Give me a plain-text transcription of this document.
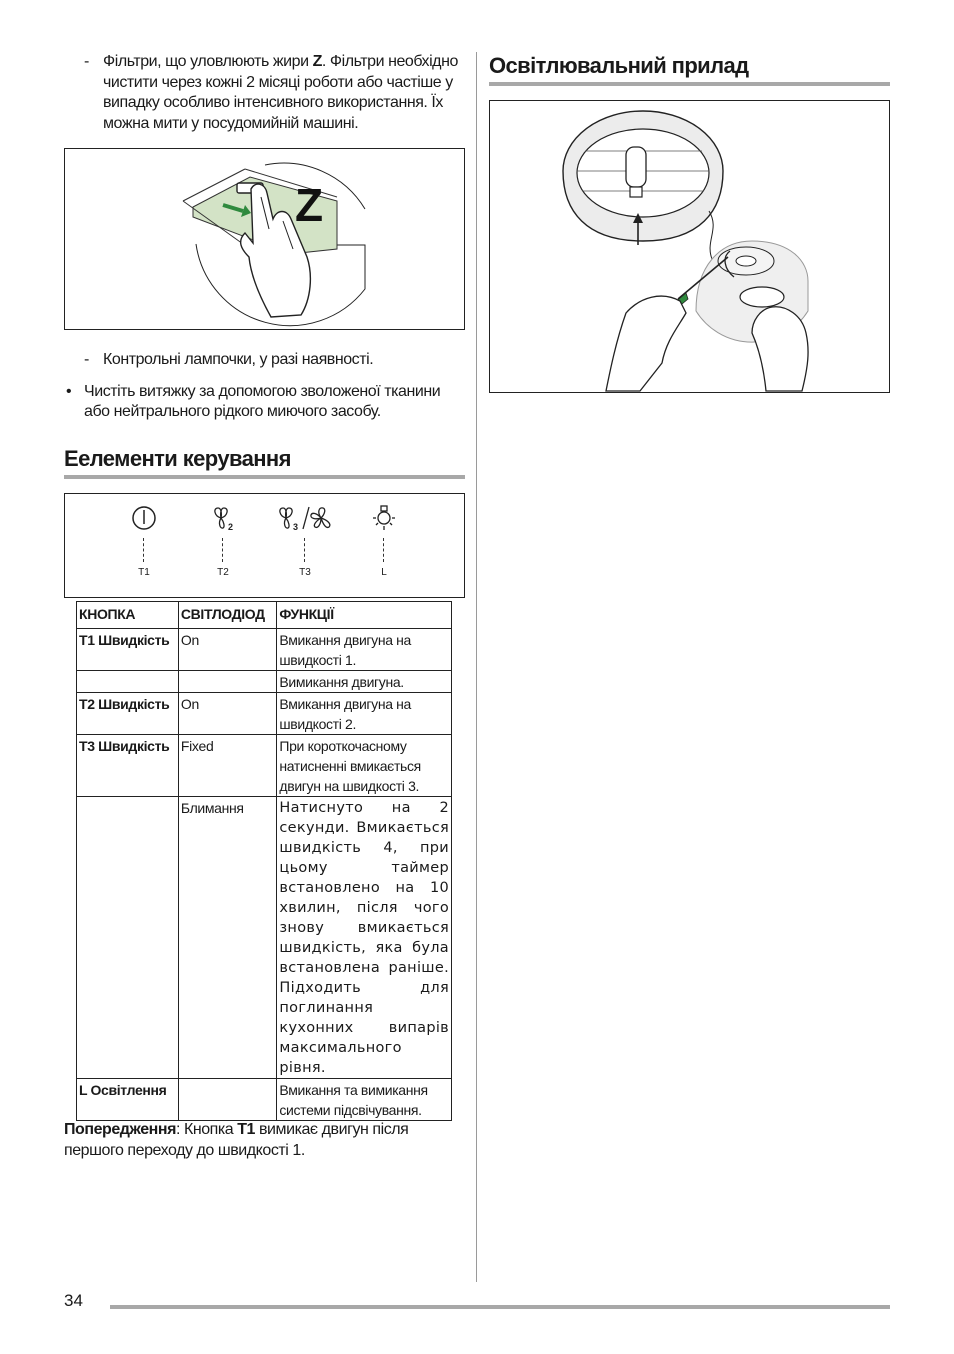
- Фільтри, що уловлюють жири Z. Фільтри необхідно чистити через кожні 2 місяці роботи або частіше у випадку особливо інтенсивного використання. Їх можна мити у посудомийній машині.

Z

- Контрольні лампочки, у разі наявності.

• Чистіть витяжку за допомогою зволоженої тканини або нейтрального рідкого миючого засобу.

Еелементи керування
T1
2
T2
3
T3	L
КНОПКА	СВІТЛОДІОД	ФУНКЦІЇ
T1 Швидкість	On	Вмикання двигуна на швидкості 1.
		Вимикання двигуна.
T2 Швидкість	On	Вмикання двигуна на швидкості 2.
T3 Швидкість	Fixed	При короткочасному натисненні вмикається двигун на швидкості 3.
	Блимання	Натиснуто на 2 секунди. Вмикається швидкість 4, при цьому таймер встановлено на 10 хвилин, після чого знову вмикається швидкість, яка була встановлена раніше. Підходить для поглинання кухонних випарів максимального рівня.
L Освітлення		Вмикання та вимикання системи підсвічування.

Попередження: Кнопка T1 вимикає двигун після першого переходу до швидкості 1.

Освітлювальний прилад
34
